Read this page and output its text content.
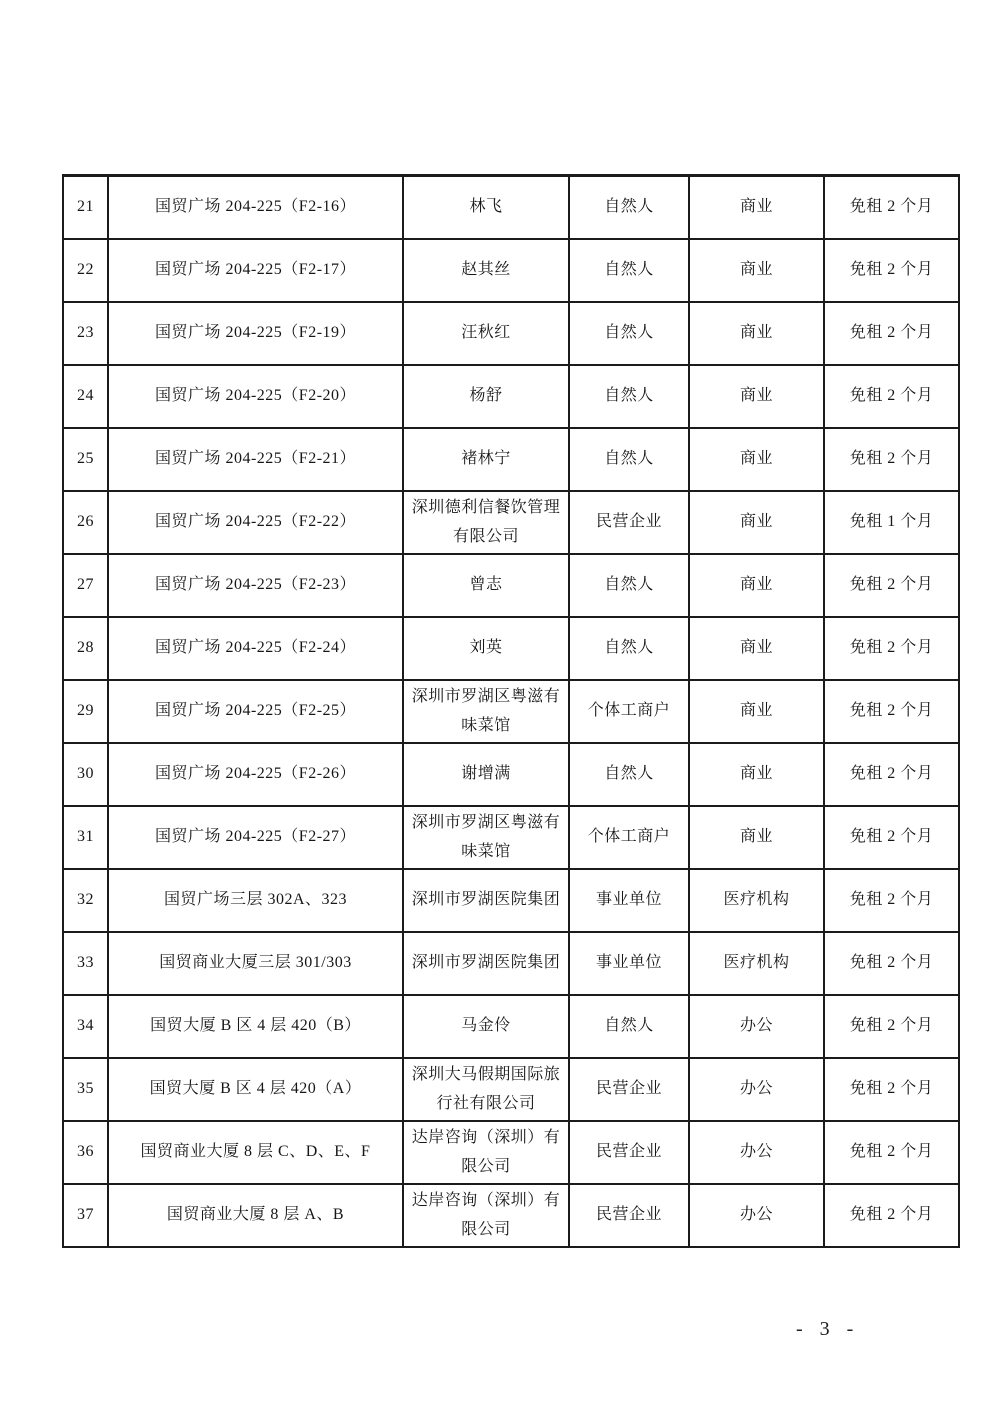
21	国贸广场 204-225（F2-16）	林飞	自然人	商业	免租 2 个月
22	国贸广场 204-225（F2-17）	赵其丝	自然人	商业	免租 2 个月
23	国贸广场 204-225（F2-19）	汪秋红	自然人	商业	免租 2 个月
24	国贸广场 204-225（F2-20）	杨舒	自然人	商业	免租 2 个月
25	国贸广场 204-225（F2-21）	褚林宁	自然人	商业	免租 2 个月
26	国贸广场 204-225（F2-22）	深圳德利信餐饮管理有限公司	民营企业	商业	免租 1 个月
27	国贸广场 204-225（F2-23）	曾志	自然人	商业	免租 2 个月
28	国贸广场 204-225（F2-24）	刘英	自然人	商业	免租 2 个月
29	国贸广场 204-225（F2-25）	深圳市罗湖区粤滋有味菜馆	个体工商户	商业	免租 2 个月
30	国贸广场 204-225（F2-26）	谢增满	自然人	商业	免租 2 个月
31	国贸广场 204-225（F2-27）	深圳市罗湖区粤滋有味菜馆	个体工商户	商业	免租 2 个月
32	国贸广场三层 302A、323	深圳市罗湖医院集团	事业单位	医疗机构	免租 2 个月
33	国贸商业大厦三层 301/303	深圳市罗湖医院集团	事业单位	医疗机构	免租 2 个月
34	国贸大厦 B 区 4 层 420（B）	马金伶	自然人	办公	免租 2 个月
35	国贸大厦 B 区 4 层 420（A）	深圳大马假期国际旅行社有限公司	民营企业	办公	免租 2 个月
36	国贸商业大厦 8 层 C、D、E、F	达岸咨询（深圳）有限公司	民营企业	办公	免租 2 个月
37	国贸商业大厦 8 层 A、B	达岸咨询（深圳）有限公司	民营企业	办公	免租 2 个月
- 3 -
